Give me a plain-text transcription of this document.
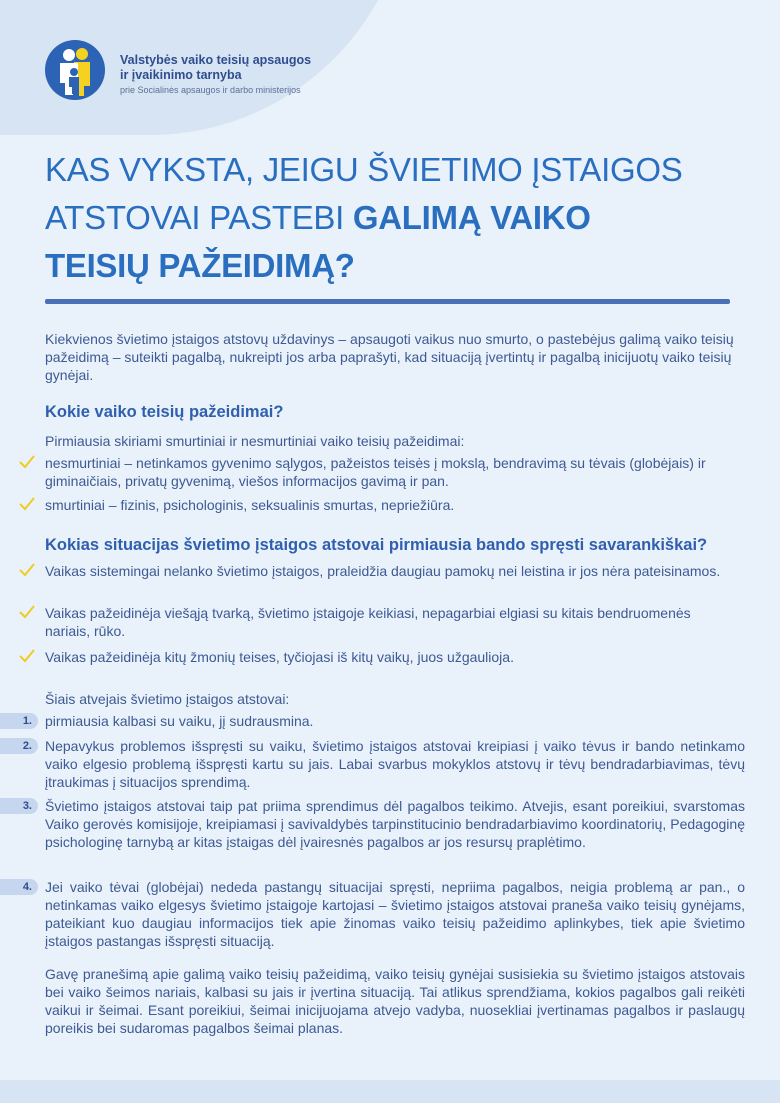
Valstybės vaiko teisių apsaugos
ir įvaikinimo tarnyba
prie Socialinės apsaugos ir darbo ministerijos
KAS VYKSTA, JEIGU ŠVIETIMO ĮSTAIGOS
ATSTOVAI PASTEBI GALIMĄ VAIKO
TEISIŲ PAŽEIDIMĄ?
Kiekvienos švietimo įstaigos atstovų uždavinys – apsaugoti vaikus nuo smurto, o pastebėjus galimą vaiko teisių pažeidimą – suteikti pagalbą, nukreipti jos arba paprašyti, kad situaciją įvertintų ir pagalbą inicijuotų vaiko teisių gynėjai.
Kokie vaiko teisių pažeidimai?
Pirmiausia skiriami smurtiniai ir nesmurtiniai vaiko teisių pažeidimai:
nesmurtiniai – netinkamos gyvenimo sąlygos, pažeistos teisės į mokslą, bendravimą su tėvais (globėjais) ir giminaičiais, privatų gyvenimą, viešos informacijos gavimą ir pan.
smurtiniai – fizinis, psichologinis, seksualinis smurtas, nepriežiūra.
Kokias situacijas švietimo įstaigos atstovai pirmiausia bando spręsti savarankiškai?
Vaikas sistemingai nelanko švietimo įstaigos, praleidžia daugiau pamokų nei leistina ir jos nėra pateisinamos.
Vaikas pažeidinėja viešąją tvarką, švietimo įstaigoje keikiasi, nepagarbiai elgiasi su kitais bendruomenės nariais, rūko.
Vaikas pažeidinėja kitų žmonių teises, tyčiojasi iš kitų vaikų, juos užgaulioja.
Šiais atvejais švietimo įstaigos atstovai:
1. pirmiausia kalbasi su vaiku, jį sudrausmina.
2. Nepavykus problemos išspręsti su vaiku, švietimo įstaigos atstovai kreipiasi į vaiko tėvus ir bando netinkamo vaiko elgesio problemą išspręsti kartu su jais. Labai svarbus mokyklos atstovų ir tėvų bendradarbiavimas, tėvų įtraukimas į situacijos sprendimą.
3. Švietimo įstaigos atstovai taip pat priima sprendimus dėl pagalbos teikimo. Atvejis, esant poreikiui, svarstomas Vaiko gerovės komisijoje, kreipiamasi į savivaldybės tarpinstitucinio bendradarbiavimo koordinatorių, Pedagoginę psichologinę tarnybą ar kitas įstaigas dėl įvairesnės pagalbos ar jos resursų praplėtimo.
4. Jei vaiko tėvai (globėjai) nededa pastangų situacijai spręsti, nepriima pagalbos, neigia problemą ar pan., o netinkamas vaiko elgesys švietimo įstaigoje kartojasi – švietimo įstaigos atstovai praneša vaiko teisių gynėjams, pateikiant kuo daugiau informacijos tiek apie žinomas vaiko teisių pažeidimo aplinkybes, tiek apie švietimo įstaigos pastangas išspręsti situaciją.
Gavę pranešimą apie galimą vaiko teisių pažeidimą, vaiko teisių gynėjai susisiekia su švietimo įstaigos atstovais bei vaiko šeimos nariais, kalbasi su jais ir įvertina situaciją. Tai atlikus sprendžiama, kokios pagalbos gali reikėti vaikui ir šeimai. Esant poreikiui, šeimai inicijuojama atvejo vadyba, nuosekliai įvertinamas pagalbos ir paslaugų poreikis bei sudaromas pagalbos šeimai planas.
